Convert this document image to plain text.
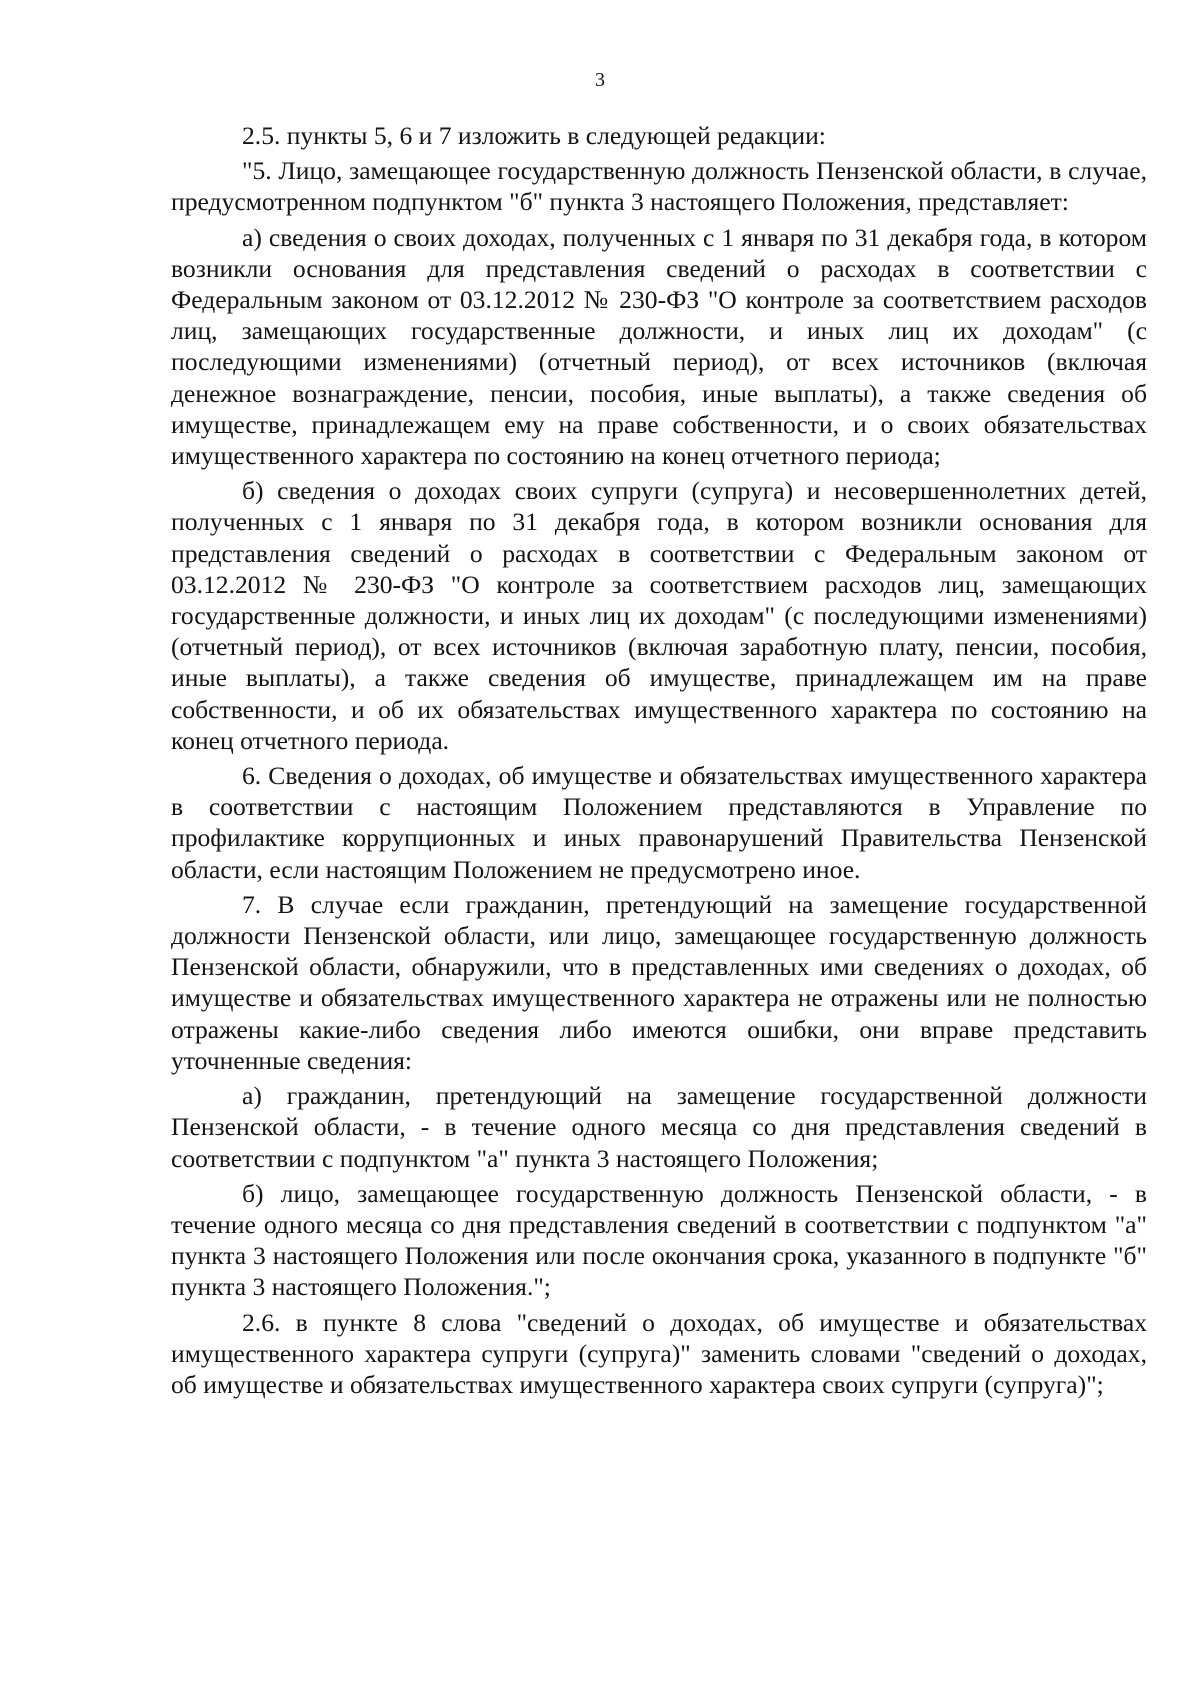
3

2.5. пункты 5, 6 и 7 изложить в следующей редакции:

"5. Лицо, замещающее государственную должность Пензенской области, в случае, предусмотренном подпунктом "б" пункта 3 настоящего Положения, представляет:

а) сведения о своих доходах, полученных с 1 января по 31 декабря года, в котором возникли основания для представления сведений о расходах в соответствии с Федеральным законом от 03.12.2012 № 230-ФЗ "О контроле за соответствием расходов лиц, замещающих государственные должности, и иных лиц их доходам" (с последующими изменениями) (отчетный период), от всех источников (включая денежное вознаграждение, пенсии, пособия, иные выплаты), а также сведения об имуществе, принадлежащем ему на праве собственности, и о своих обязательствах имущественного характера по состоянию на конец отчетного периода;

б) сведения о доходах своих супруги (супруга) и несовершеннолетних детей, полученных с 1 января по 31 декабря года, в котором возникли основания для представления сведений о расходах в соответствии с Федеральным законом от 03.12.2012 № 230-ФЗ "О контроле за соответствием расходов лиц, замещающих государственные должности, и иных лиц их доходам" (с последующими изменениями) (отчетный период), от всех источников (включая заработную плату, пенсии, пособия, иные выплаты), а также сведения об имуществе, принадлежащем им на праве собственности, и об их обязательствах имущественного характера по состоянию на конец отчетного периода.

6. Сведения о доходах, об имуществе и обязательствах имущественного характера в соответствии с настоящим Положением представляются в Управление по профилактике коррупционных и иных правонарушений Правительства Пензенской области, если настоящим Положением не предусмотрено иное.

7. В случае если гражданин, претендующий на замещение государственной должности Пензенской области, или лицо, замещающее государственную должность Пензенской области, обнаружили, что в представленных ими сведениях о доходах, об имуществе и обязательствах имущественного характера не отражены или не полностью отражены какие-либо сведения либо имеются ошибки, они вправе представить уточненные сведения:

а) гражданин, претендующий на замещение государственной должности Пензенской области, - в течение одного месяца со дня представления сведений в соответствии с подпунктом "а" пункта 3 настоящего Положения;

б) лицо, замещающее государственную должность Пензенской области, - в течение одного месяца со дня представления сведений в соответствии с подпунктом "а" пункта 3 настоящего Положения или после окончания срока, указанного в подпункте "б" пункта 3 настоящего Положения.";

2.6. в пункте 8 слова "сведений о доходах, об имуществе и обязательствах имущественного характера супруги (супруга)" заменить словами "сведений о доходах, об имуществе и обязательствах имущественного характера своих супруги (супруга)";
